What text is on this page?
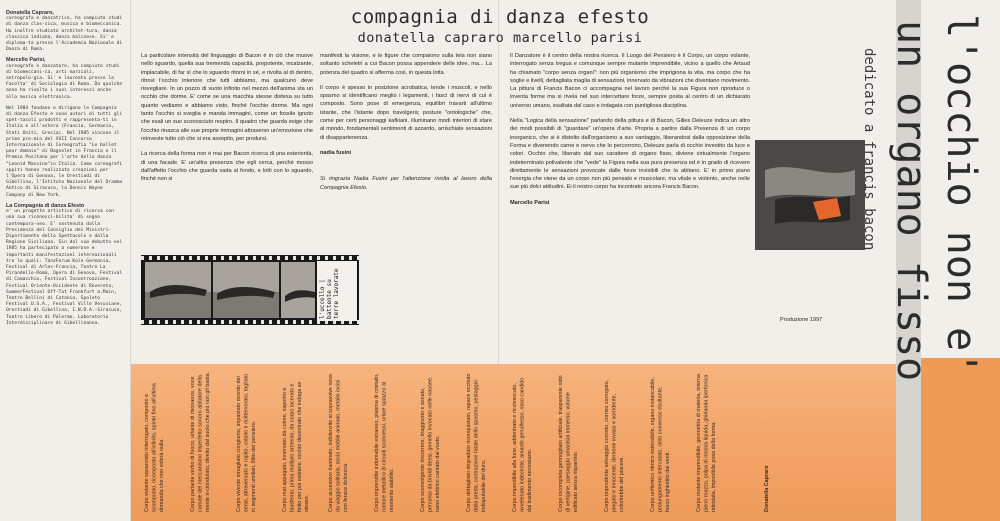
Donatella Capraro,
coreografa e danzatrice, ha compiuto studi di danza clas-sica, musica e biomeccanica. Ha inoltre studiato architet-tura, danza classica indiana, danza balinese. Si' e diploma-ta presso l'Accademia Nazionale di Danza di Roma.
Marcello Parisi,
coreografo e danzatore, ha compiuto studi di biomeccani-ca, arti marziali, antropolo-gia. Si' e laureato presso la Facolta' di Sociologia di Roma. Da qualche anno ha rivolto i suoi interessi anche alla musica elettronica.
Nel 1984 fondano e dirigono le Compagnia di danza Efesto e sono autori di tutti gli spet-tacoli prodotti e rappresenta-ti in Italia e all'estero (Francia, Germania, Stati Uniti, Grecia). Nel 1985 vincono il primo pre-mio del XVII Concorso Internazionale di Coreografia "Le ballet pour demain" di Bagnolet in Francia e il Premio Positano per l'arte della danza "Leonid Massine"in Italia. Come coreografi sppiti hanno realizzato creazioni per l'Opera di Genova, le Orestiadi di Gibellina, l'Istituto Nazionale del Dramma Antico di Siracusa, la Dennis Wayne Company di New York.
La Compagnia di danza Efesto
e' un progetto artistico di ricerca con una sua riconosci-bilita' di segno contempora-neo. E' sostenuta dalla Presidenza del Consiglio dei Ministri- Dipartimento dello Spettacolo e dalla Regione Siciliana. Sin dal suo debutto nel 1985 ha partecipato a numerose e importanti manifestazioni internazionali tra le quali: TanzForum Koln-Germania, Festival di Arles-Francia, Teatro La Pirandello-Roma, Opera di Genova, Festival di Camacchio, Festival Incontroazione, Festival Oriente-Occidente di Rovereto, SummerFestival Off-Tat Frankfurt a.Main, Teatro Bellini di Catania, Spoleto Festival U.S.A., Festival Ville Vesuviane, Orestiadi di Gibellina, I.N.D.A.-Siracusa, Teatro Libero di Palermo, Laboratorio Interdisciplinare di Gibellinanna.
compagnia di danza efesto
donatella capraro marcello parisi

La particolare intensità del linguaggio di Bacon è in ciò che muove nello sguardo, quella sua tremenda capacità, prepotente, incalzante, implacabile, di far sì che lo sguardo ritorni in sé, e rivolta al di dentro, ritrovi l'occhio interiore che tutti abbiamo, ma qualcuno deve risvegliare. In un pozzo di vuoto infinito nel mezzo dell'anima sta un occhio che dorme. E' come se una macchia stesse distesa su tutto quanto vediamo e abbiamo visto, finché l'occhio dorme. Ma ogni tanto l'occhio si sveglia e manda immagini, come un fossile ignoto che esali un suo sconosciuto respiro. Il quadro che guarda esige che l'occhio rinasca alle sue proprie immagini attraverso un'emozione che reinveste tutto ciò che si era assopito, per prodursi.

La ricerca della forma non è mai per Bacon ricerca di una esteriorità, di una facade. E' un'altra presenza che egli cerca, perché mosso dall'affetto l'occhio che guarda vada al fondo, e lotti con lo sguardo, finché non si

manifesti la visione, e le figure che compaiono sulla tela non siano soltanto scheletri a cui Bacon possa appendere delle idee, ma... La potenza del quadro si afferma così, in questa lotta.

Il corpo è spesso in posizione acrobatica, tende i muscoli, e nello spasmo si identificano meglio i legamenti, i fasci di nervi di cui è composto. Sono pose di emergenza, equilibri travarti all'ultimo istante, che l'istante dopo travolgerà; posture "ontologiche" che, come per certi personaggi kafkiani, illuminano modi interiori di stare al mondo, fondamentali sentimenti di azzardo, arrischiate sensazioni di disappartenenza.

nadia fusini

Si ringrazia Nadia Fusini per l'attenzione rivolta al lavoro della Compagnia Efesto.

l'uccello | battente su terre lavorate

Il Danzatore è il centro della nostra ricerca. Il Luogo del Pensiero è il Corpo, un corpo volante, interrogato senza tregua e comunque sempre mutante imprendibile, vicino a quello che Artaud ha chiamato "corpo senza organi": non più organismo che imprigiona la vita, ma corpo che ha soglie e livelli, dettagliata maglia di sensazioni, innervato da vibrazioni che diventano movimento. La pittura di Francis Bacon ci accompagna nel lavoro perché la sua Figura non riproduce o inventa forme ma si rivela nel suo intercettare forze, sempre posta al centro di un dichiarato universo umano, esaltata dal caso e indagata con puntigliosa disciplina.

Nella "Logica della sensazione" parlando della pittura e di Bacon, Gilles Deleuze indica un altro dei modi possibili di "guardare" un'opera d'arte. Propria a partire dalla Presenza di un corpo inorganico, che si è distolto dall'organismo a suo vantaggio, liberandosi dalla opposizione della Forma e divenendo carne e nervo che lo percorrono, Deleuze parla di occhio investito da luce e colori. Occhio che, liberato dal suo carattere di organo fisso, diviene virtualmente l'organo indeterminato polivalente che "vede" la Figura nella sua pura presenza ed è in grado di ricevere direttamente le sensazioni provocate dalle forze invisibili che la abitano. E' in primo piano l'energia che viene da un corpo non più pensato e muscolare, ma vitale e violento, anche nelle sue più dolci attitudini. Ei il nostro corpo ha incontrato ancora Francis Bacon.

Marcello Parisi

Produzione 1997	l'occhio non e'
un organo fisso
dedicato a francis bacon
Corpo volante squarciato interrogato, composto e scomposto, ricomposto all'infinito, spinto fino all'ultima domanda che non volerà nulla.	Corpo parlante verbo di fuoco, urlante di risonanze, voce carnale del meccanismo imperfetto sonoro abitatore della mente ri-ciondolato, divelto dal suolo che più non gli basta.	Corpo vivente smagliato congiunto, impastato ricordo dei sensi, attraversato e rapito, colpito e ricittervorato, tagliato in segmenti umiliati, flitto del pensiero.	Corpo mai appagato, innervato da colore, vaporito e biasfemo, prima multiplo armenio, da corpo lacerato e finito per poi esistere, occhio decentrato che indaga se stesso.	Corpo accessivo rianimato, indolenzito si sopravvive nove da viaggio solitario, socio mobile animato, metallo incisi con ferace dolcezza.	Corpo imprendite indomabile estraneo, plasma di cristallo, rumore metallico di circuiti sconnessi, urlare spiazzo al momento stabilito.	Corpo sconvolgente rincorrere, irraggiunto e sonato, percorso da brividi densi, gemello invocato nelle nausee, ramo elettrico cantato dal vuoto.	Corpo dettagliato degradato riconquistato, rapace eccitato dalla preda, contrazione fatale dello spasmo, pestaggio indisputabile del duro.	Corpo imperdibile alla fune, addentrato e ricciesocato, avvelenato indecente, amante genuflesso, osso candido dal tradimento necessario.	Corpo incompleta germogliato artificiale, trasparente nido di vertigine, paesaggio umanista immerso, volume edificato senza risparmio.	Corpo imprudente selvaggio corrotto, corrivo corrugato, piegato e innocente, demone invaso e sorridente, colorirebbe del piacere.	Corpo unflemico ritmico estensibile, organo instancabile, prolungamento intercalato, cielo convesso esultante, fuoco inghiottito dai venti.	Corpo mutante imprendibile, geometria di materia, interna pieno roazzo, polpa di mossa liquida, ghirlanda ipertonica ridestata, imponibile posa della forma.	Donatella Capraro
